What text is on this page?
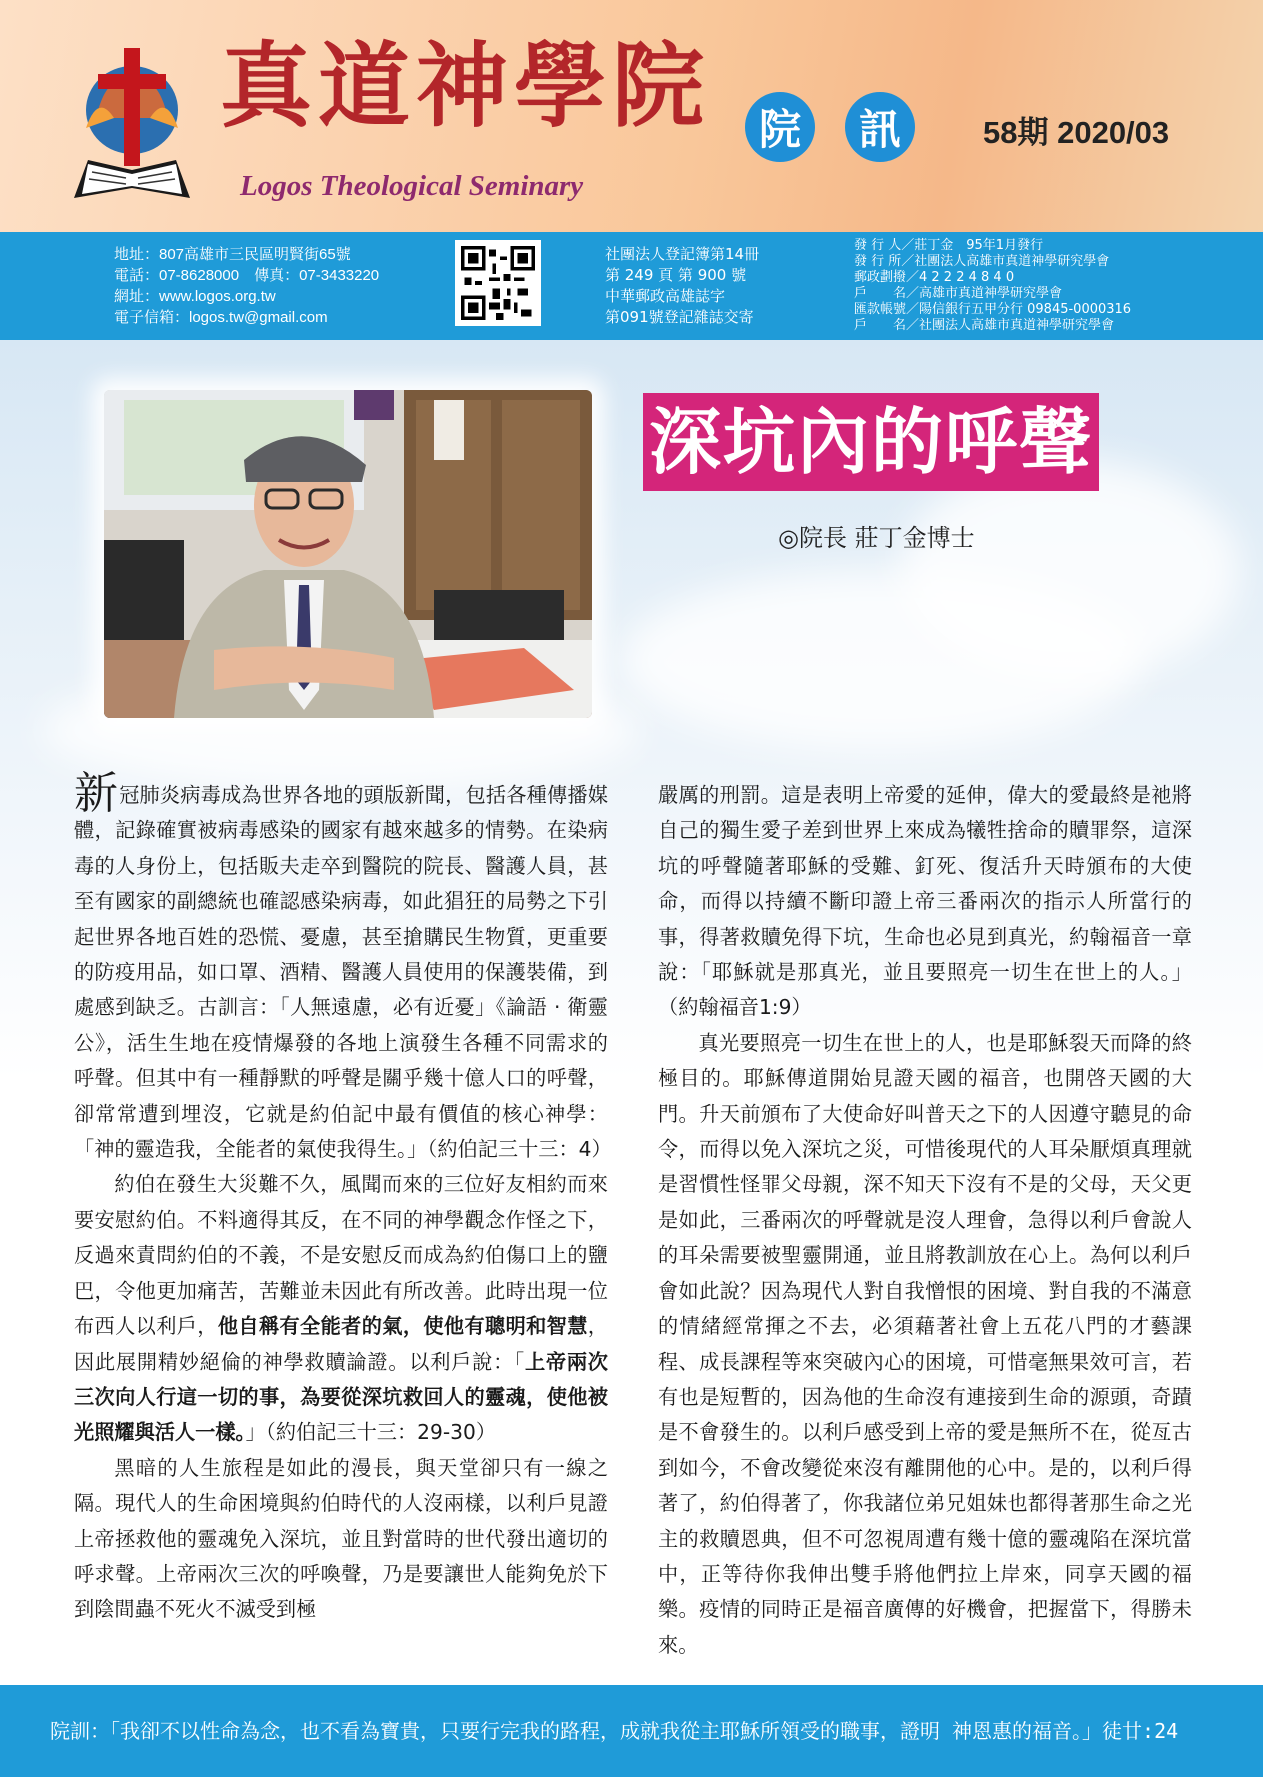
真道神學院
Logos Theological Seminary
院	訊	58期 2020/03
地址：807高雄市三民區明賢街65號
電話：07-8628000　傳真：07-3433220
網址：www.logos.org.tw
電子信箱：logos.tw@gmail.com
社團法人登記簿第14冊
第 249 頁 第 900 號
中華郵政高雄誌字
第091號登記雜誌交寄
發 行 人／莊丁金　95年1月發行
發 行 所／社團法人高雄市真道神學研究學會
郵政劃撥／4 2 2 2 4 8 4 0
戶　　名／高雄市真道神學研究學會
匯款帳號／陽信銀行五甲分行 09845-0000316
戶　　名／社團法人高雄市真道神學研究學會
深坑內的呼聲
◎院長 莊丁金博士

新冠肺炎病毒成為世界各地的頭版新聞，包括各種傳播媒體，記錄確實被病毒感染的國家有越來越多的情勢。在染病毒的人身份上，包括販夫走卒到醫院的院長、醫護人員，甚至有國家的副總統也確認感染病毒，如此猖狂的局勢之下引起世界各地百姓的恐慌、憂慮，甚至搶購民生物質，更重要的防疫用品，如口罩、酒精、醫護人員使用的保護裝備，到處感到缺乏。古訓言：「人無遠慮，必有近憂」《論語 · 衛靈公》，活生生地在疫情爆發的各地上演發生各種不同需求的呼聲。但其中有一種靜默的呼聲是關乎幾十億人口的呼聲，卻常常遭到埋沒，它就是約伯記中最有價值的核心神學：「神的靈造我，全能者的氣使我得生。」（約伯記三十三：4）

約伯在發生大災難不久，風聞而來的三位好友相約而來要安慰約伯。不料適得其反，在不同的神學觀念作怪之下，反過來責問約伯的不義，不是安慰反而成為約伯傷口上的鹽巴，令他更加痛苦，苦難並未因此有所改善。此時出現一位布西人以利戶，他自稱有全能者的氣，使他有聰明和智慧，因此展開精妙絕倫的神學救贖論證。以利戶說：「上帝兩次三次向人行這一切的事，為要從深坑救回人的靈魂，使他被光照耀與活人一樣。」（約伯記三十三：29-30）

黑暗的人生旅程是如此的漫長，與天堂卻只有一線之隔。現代人的生命困境與約伯時代的人沒兩樣，以利戶見證上帝拯救他的靈魂免入深坑，並且對當時的世代發出適切的呼求聲。上帝兩次三次的呼喚聲，乃是要讓世人能夠免於下到陰間蟲不死火不滅受到極

嚴厲的刑罰。這是表明上帝愛的延伸，偉大的愛最終是祂將自己的獨生愛子差到世界上來成為犧牲捨命的贖罪祭，這深坑的呼聲隨著耶穌的受難、釘死、復活升天時頒布的大使命，而得以持續不斷印證上帝三番兩次的指示人所當行的事，得著救贖免得下坑，生命也必見到真光，約翰福音一章說：「耶穌就是那真光，並且要照亮一切生在世上的人。」（約翰福音1:9）

真光要照亮一切生在世上的人，也是耶穌裂天而降的終極目的。耶穌傳道開始見證天國的福音，也開啓天國的大門。升天前頒布了大使命好叫普天之下的人因遵守聽見的命令，而得以免入深坑之災，可惜後現代的人耳朵厭煩真理就是習慣性怪罪父母親，深不知天下沒有不是的父母，天父更是如此，三番兩次的呼聲就是沒人理會，急得以利戶會說人的耳朵需要被聖靈開通，並且將教訓放在心上。為何以利戶會如此說？因為現代人對自我憎恨的困境、對自我的不滿意的情緒經常揮之不去，必須藉著社會上五花八門的才藝課程、成長課程等來突破內心的困境，可惜毫無果效可言，若有也是短暫的，因為他的生命沒有連接到生命的源頭，奇蹟是不會發生的。以利戶感受到上帝的愛是無所不在，從亙古到如今，不會改變從來沒有離開他的心中。是的，以利戶得著了，約伯得著了，你我諸位弟兄姐妹也都得著那生命之光主的救贖恩典，但不可忽視周遭有幾十億的靈魂陷在深坑當中，正等待你我伸出雙手將他們拉上岸來，同享天國的福樂。疫情的同時正是福音廣傳的好機會，把握當下，得勝未來。

院訓：「我卻不以性命為念，也不看為寶貴，只要行完我的路程，成就我從主耶穌所領受的職事，證明 神恩惠的福音。」徒廿:24
